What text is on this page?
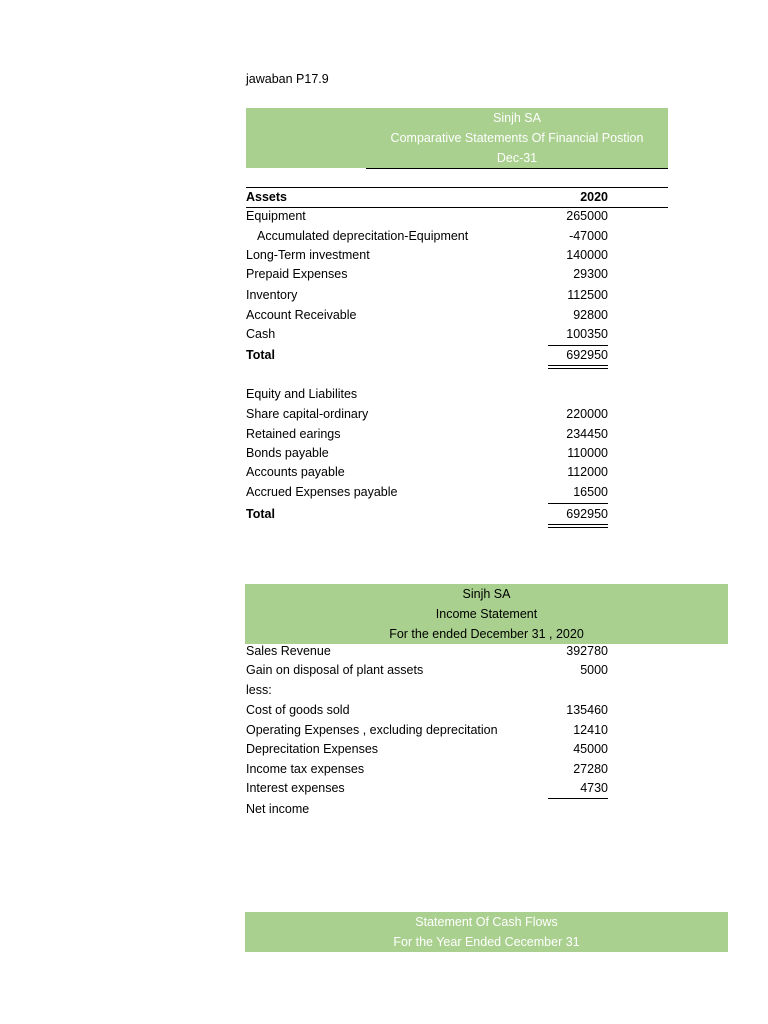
jawaban P17.9
Sinjh SA
Comparative Statements Of Financial Postion
Dec-31
Assets	2020
Equipment	265000
Accumulated deprecitation-Equipment	-47000
Long-Term investment	140000
Prepaid Expenses	29300
Inventory	112500
Account Receivable	92800
Cash	100350
Total	692950
Equity and Liabilites
Share capital-ordinary	220000
Retained earings	234450
Bonds payable	110000
Accounts payable	112000
Accrued Expenses payable	16500
Total	692950
Sinjh SA
Income Statement
For the ended December 31 , 2020
Sales Revenue	392780
Gain on disposal of plant assets	5000
less:
Cost of goods sold	135460
Operating Expenses , excluding deprecitation	12410
Deprecitation Expenses	45000
Income tax expenses	27280
Interest expenses	4730
Net income
Statement Of Cash Flows
For the Year Ended Cecember 31
